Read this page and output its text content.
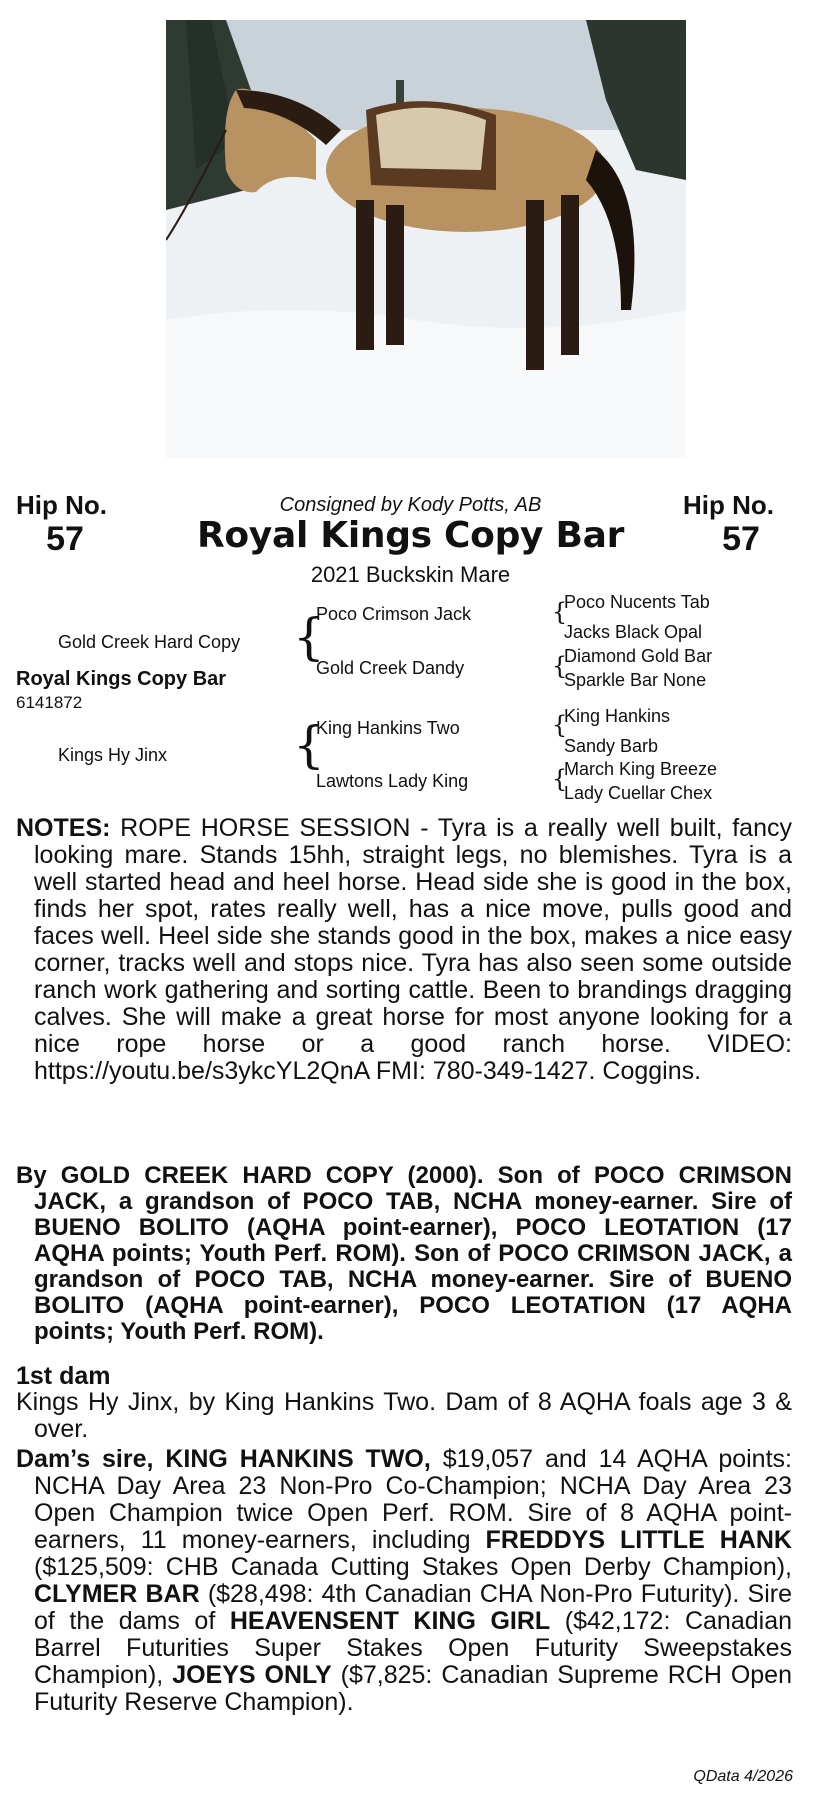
Hip No.	Hip No.
57	57
Consigned by Kody Potts, AB
Royal Kings Copy Bar
2021 Buckskin Mare
Gold Creek Hard Copy
Royal Kings Copy Bar
6141872
Kings Hy Jinx
{
{
Poco Crimson Jack
Gold Creek Dandy
King Hankins Two
Lawtons Lady King
{
{
{
{
Poco Nucents Tab
Jacks Black Opal
Diamond Gold Bar
Sparkle Bar None
King Hankins
Sandy Barb
March King Breeze
Lady Cuellar Chex
NOTES: ROPE HORSE SESSION - Tyra is a really well built, fancy looking mare. Stands 15hh, straight legs, no blemishes. Tyra is a well started head and heel horse. Head side she is good in the box, finds her spot, rates really well, has a nice move, pulls good and faces well. Heel side she stands good in the box, makes a nice easy corner, tracks well and stops nice. Tyra has also seen some outside ranch work gathering and sorting cattle. Been to brandings dragging calves. She will make a great horse for most anyone looking for a nice rope horse or a good ranch horse. VIDEO: https://youtu.be/s3ykcYL2QnA FMI: 780-349-1427. Coggins.
By GOLD CREEK HARD COPY (2000). Son of POCO CRIMSON JACK, a grandson of POCO TAB, NCHA money-earner. Sire of BUENO BOLITO (AQHA point-earner), POCO LEOTATION (17 AQHA points; Youth Perf. ROM). Son of POCO CRIMSON JACK, a grandson of POCO TAB, NCHA money-earner. Sire of BUENO BOLITO (AQHA point-earner), POCO LEOTATION (17 AQHA points; Youth Perf. ROM).
1st dam
Kings Hy Jinx, by King Hankins Two. Dam of 8 AQHA foals age 3 & over.
Dam’s sire, KING HANKINS TWO, $19,057 and 14 AQHA points: NCHA Day Area 23 Non-Pro Co-Champion; NCHA Day Area 23 Open Champion twice Open Perf. ROM. Sire of 8 AQHA point-earners, 11 money-earners, including FREDDYS LITTLE HANK ($125,509: CHB Canada Cutting Stakes Open Derby Champion), CLYMER BAR ($28,498: 4th Canadian CHA Non-Pro Futurity). Sire of the dams of HEAVENSENT KING GIRL ($42,172: Canadian Barrel Futurities Super Stakes Open Futurity Sweepstakes Champion), JOEYS ONLY ($7,825: Canadian Supreme RCH Open Futurity Reserve Champion).
QData 4/2026
